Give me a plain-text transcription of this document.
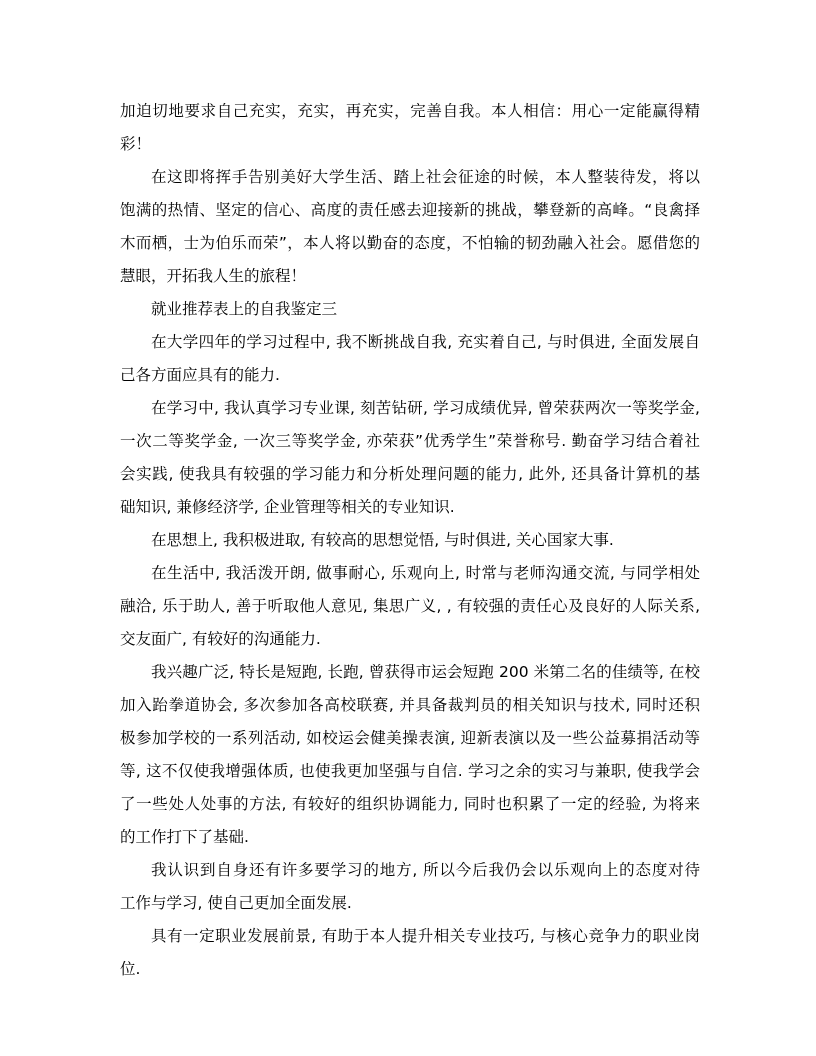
加迫切地要求自己充实，充实，再充实，完善自我。本人相信：用心一定能赢得精
彩！
在这即将挥手告别美好大学生活、踏上社会征途的时候，本人整装待发，将以
饱满的热情、坚定的信心、高度的责任感去迎接新的挑战，攀登新的高峰。“良禽择
木而栖，士为伯乐而荣”，本人将以勤奋的态度，不怕输的韧劲融入社会。愿借您的
慧眼，开拓我人生的旅程！
就业推荐表上的自我鉴定三
在大学四年的学习过程中, 我不断挑战自我, 充实着自己, 与时俱进, 全面发展自
己各方面应具有的能力.
在学习中, 我认真学习专业课, 刻苦钻研, 学习成绩优异, 曾荣获两次一等奖学金,
一次二等奖学金, 一次三等奖学金, 亦荣获”优秀学生”荣誉称号. 勤奋学习结合着社
会实践, 使我具有较强的学习能力和分析处理问题的能力, 此外, 还具备计算机的基
础知识, 兼修经济学, 企业管理等相关的专业知识.
在思想上, 我积极进取, 有较高的思想觉悟, 与时俱进, 关心国家大事.
在生活中, 我活泼开朗, 做事耐心, 乐观向上, 时常与老师沟通交流, 与同学相处
融洽, 乐于助人, 善于听取他人意见, 集思广义, , 有较强的责任心及良好的人际关系,
交友面广, 有较好的沟通能力.
我兴趣广泛, 特长是短跑, 长跑, 曾获得市运会短跑 200 米第二名的佳绩等, 在校
加入跆拳道协会, 多次参加各高校联赛, 并具备裁判员的相关知识与技术, 同时还积
极参加学校的一系列活动, 如校运会健美操表演, 迎新表演以及一些公益募捐活动等
等, 这不仅使我增强体质, 也使我更加坚强与自信. 学习之余的实习与兼职, 使我学会
了一些处人处事的方法, 有较好的组织协调能力, 同时也积累了一定的经验, 为将来
的工作打下了基础.
我认识到自身还有许多要学习的地方, 所以今后我仍会以乐观向上的态度对待
工作与学习, 使自己更加全面发展.
具有一定职业发展前景, 有助于本人提升相关专业技巧, 与核心竞争力的职业岗
位.
